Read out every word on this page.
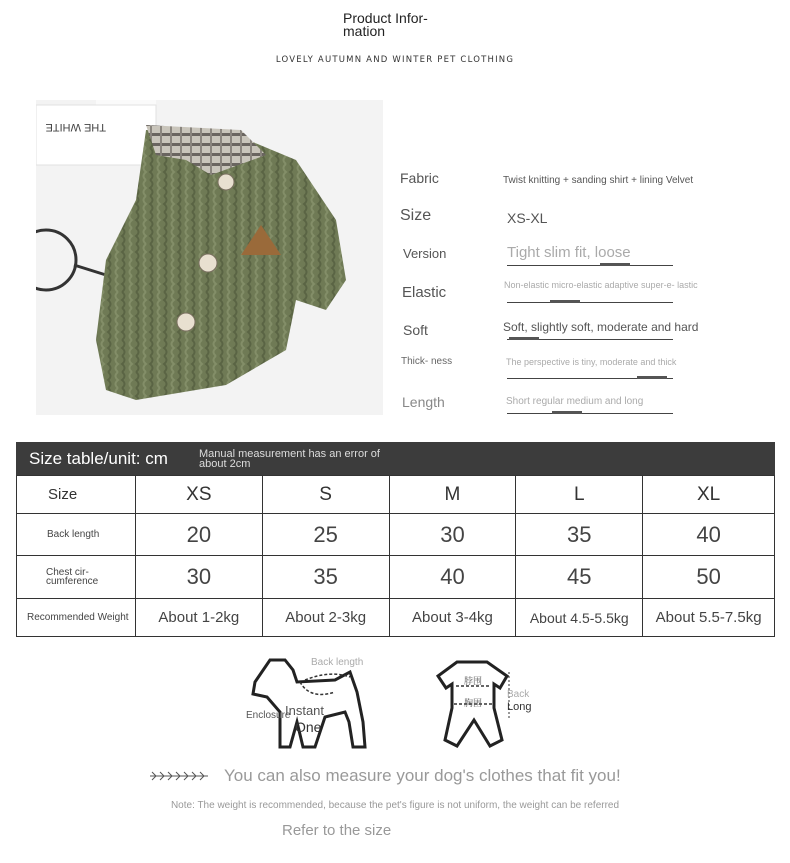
Product Infor- mation
LOVELY AUTUMN AND WINTER PET CLOTHING
THE WHITE
Fabric	Twist knitting + sanding shirt + lining Velvet
Size	XS-XL
Version	Tight slim fit, loose
Elastic	Non-elastic micro-elastic adaptive super-e- lastic
Soft	Soft, slightly soft, moderate and hard
Thick- ness	The perspective is tiny, moderate and thick
Length	Short regular medium and long
Size table/unit: cm	Manual measurement has an error of about 2cm
Size	XS	S	M	L	XL
Back length	20	25	30	35	40
Chest cir- cumference	30	35	40	45	50
Recommended Weight	About 1-2kg	About 2-3kg	About 3-4kg	About 4.5-5.5kg	About 5.5-7.5kg
Back length
Enclosure
Instant
One
脖围
胸围
Back
Long
You can also measure your dog's clothes that fit you!
Note: The weight is recommended, because the pet's figure is not uniform, the weight can be referred
Refer to the size
